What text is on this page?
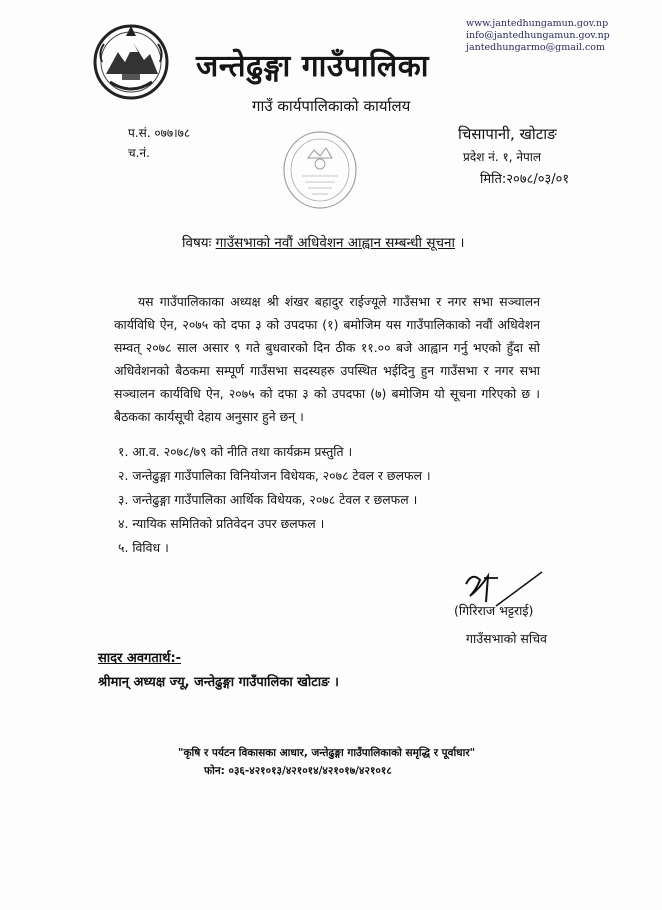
जन्तेढुङ्गा गाउँपालिका
गाउँ कार्यपालिकाको कार्यालय
www.jantedhungamun.gov.np
info@jantedhungamun.gov.np
jantedhungarmo@gmail.com
प.सं. ०७७।७८
च.नं.
चिसापानी, खोटाङ
प्रदेश नं. १, नेपाल
मिति:२०७८/०३/०१
विषयः गाउँसभाको नवौं अधिवेशन आह्वान सम्बन्धी सूचना ।
यस गाउँपालिकाका अध्यक्ष श्री शंखर बहादुर राईज्यूले गाउँसभा र नगर सभा सञ्चालन कार्यविधि ऐन, २०७५ को दफा ३ को उपदफा (१) बमोजिम यस गाउँपालिकाको नवौं अधिवेशन सम्वत् २०७८ साल असार ९ गते बुधवारको दिन ठीक ११.०० बजे आह्वान गर्नु भएको हुँदा सो अधिवेशनको बैठकमा सम्पूर्ण गाउँसभा सदस्यहरु उपस्थित भईदिनु हुन गाउँसभा र नगर सभा सञ्चालन कार्यविधि ऐन, २०७५ को दफा ३ को उपदफा (७) बमोजिम यो सूचना गरिएको छ । बैठकका कार्यसूची देहाय अनुसार हुने छन् ।
१. आ.व. २०७८/७९ को नीति तथा कार्यक्रम प्रस्तुति ।
२. जन्तेढुङ्गा गाउँपालिका विनियोजन विधेयक, २०७८ टेवल र छलफल ।
३. जन्तेढुङ्गा गाउँपालिका आर्थिक विधेयक, २०७८ टेवल र छलफल ।
४. न्यायिक समितिको प्रतिवेदन उपर छलफल ।
५. विविध ।
(गिरिराज भट्टराई)
गाउँसभाको सचिव
सादर अवगतार्थ:-
श्रीमान् अध्यक्ष ज्यू, जन्तेढुङ्गा गाउँपालिका खोटाङ ।
"कृषि र पर्यटन विकासका आधार, जन्तेढुङ्गा गाउँपालिकाको समृद्धि र पूर्वाधार"
फोन: ०३६-४२१०१३/४२१०१४/४२१०१७/४२१०१८
